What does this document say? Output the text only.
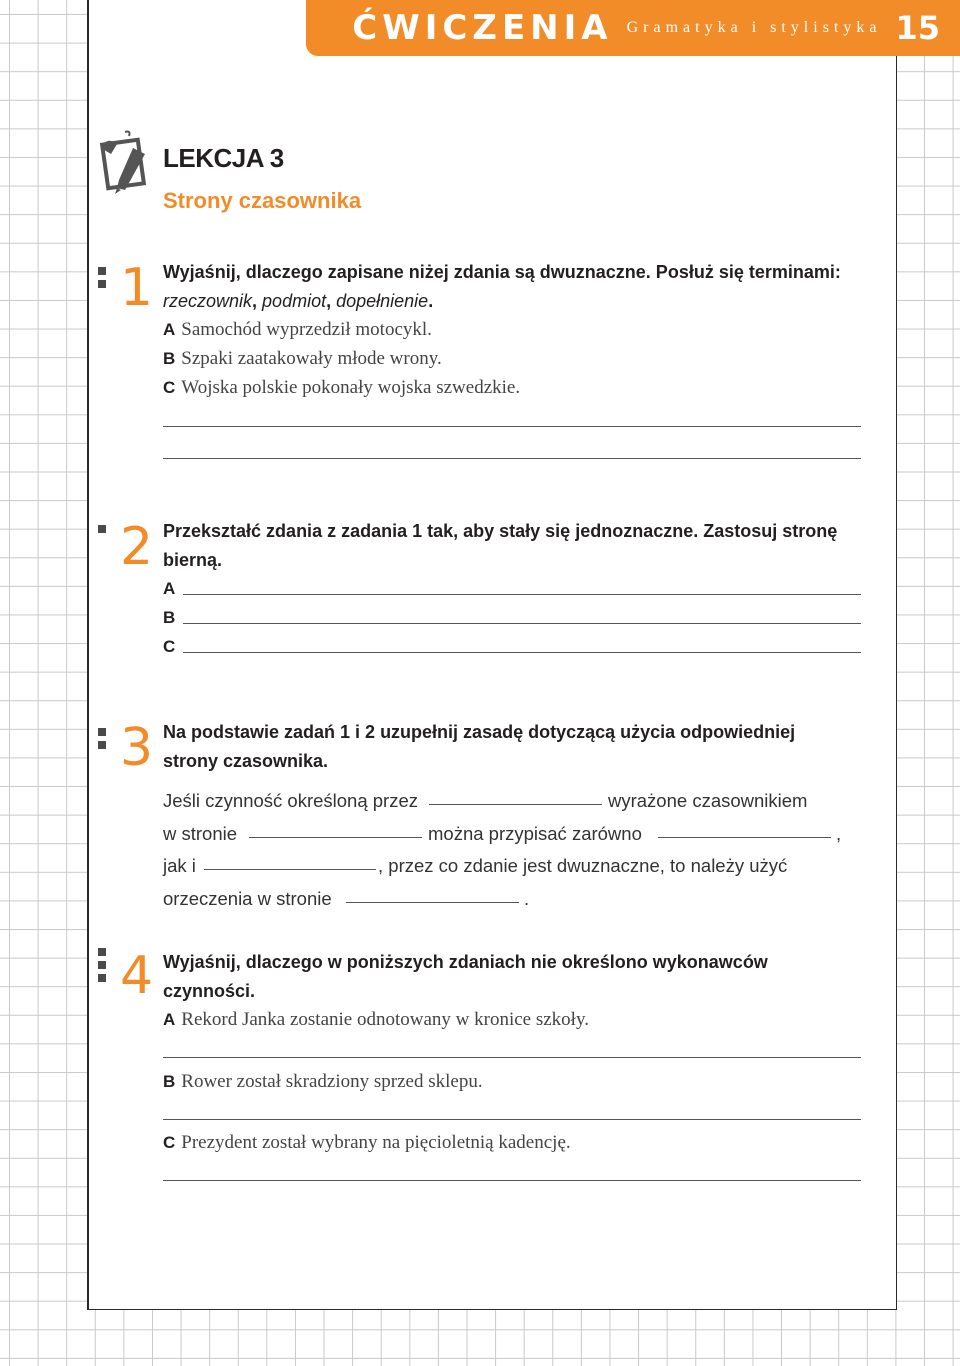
ĆWICZENIA Gramatyka i stylistyka 15
LEKCJA 3
Strony czasownika
1 Wyjaśnij, dlaczego zapisane niżej zdania są dwuznaczne. Posłuż się terminami:
rzeczownik, podmiot, dopełnienie.
A Samochód wyprzedził motocykl.
B Szpaki zaatakowały młode wrony.
C Wojska polskie pokonały wojska szwedzkie.
2 Przekształć zdania z zadania 1 tak, aby stały się jednoznaczne. Zastosuj stronę
bierną.
A
B
C
3 Na podstawie zadań 1 i 2 uzupełnij zasadę dotyczącą użycia odpowiedniej
strony czasownika.
Jeśli czynność określoną przez	wyrażone czasownikiem
w stronie	można przypisać zarówno	,
jak i	, przez co zdanie jest dwuznaczne, to należy użyć
orzeczenia w stronie	.
4 Wyjaśnij, dlaczego w poniższych zdaniach nie określono wykonawców
czynności.
A Rekord Janka zostanie odnotowany w kronice szkoły.
B Rower został skradziony sprzed sklepu.
C Prezydent został wybrany na pięcioletnią kadencję.
